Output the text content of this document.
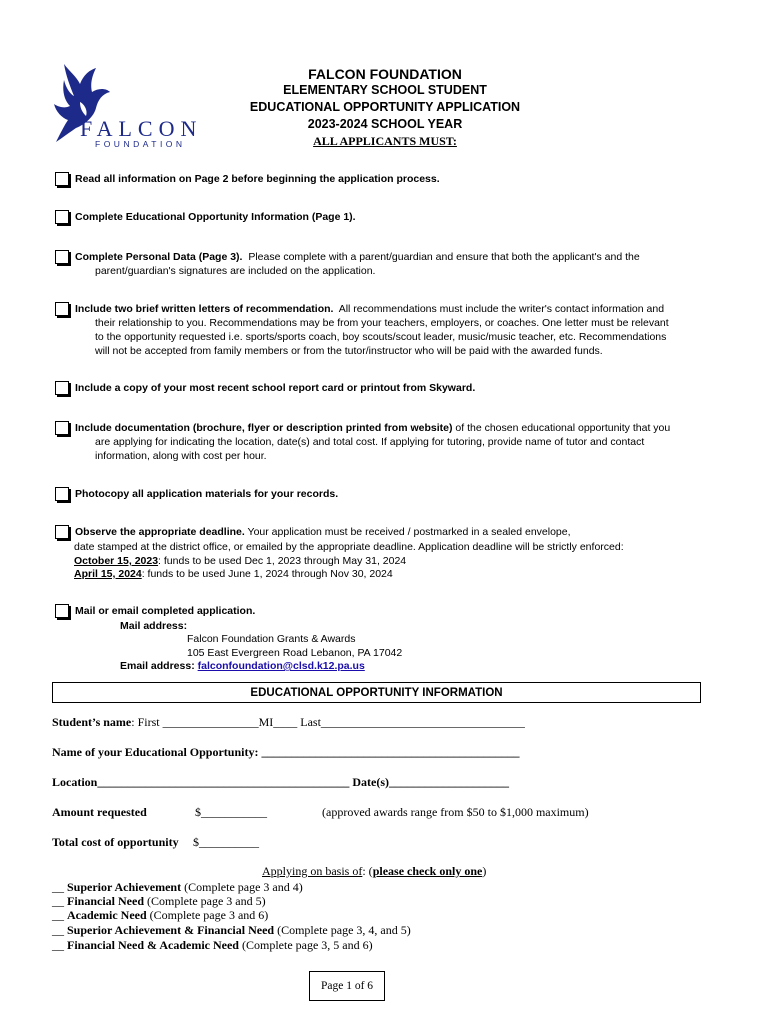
FALCON
FOUNDATION
FALCON FOUNDATION
ELEMENTARY SCHOOL STUDENT
EDUCATIONAL OPPORTUNITY APPLICATION
2023-2024 SCHOOL YEAR
ALL APPLICANTS MUST:
Read all information on Page 2 before beginning the application process.
Complete Educational Opportunity Information (Page 1).
Complete Personal Data (Page 3). Please complete with a parent/guardian and ensure that both the applicant's and the
parent/guardian's signatures are included on the application.
Include two brief written letters of recommendation. All recommendations must include the writer's contact information and
their relationship to you. Recommendations may be from your teachers, employers, or coaches. One letter must be relevant
to the opportunity requested i.e. sports/sports coach, boy scouts/scout leader, music/music teacher, etc. Recommendations
will not be accepted from family members or from the tutor/instructor who will be paid with the awarded funds.
Include a copy of your most recent school report card or printout from Skyward.
Include documentation (brochure, flyer or description printed from website) of the chosen educational opportunity that you
are applying for indicating the location, date(s) and total cost. If applying for tutoring, provide name of tutor and contact
information, along with cost per hour.
Photocopy all application materials for your records.
Observe the appropriate deadline. Your application must be received / postmarked in a sealed envelope,
date stamped at the district office, or emailed by the appropriate deadline. Application deadline will be strictly enforced:
October 15, 2023: funds to be used Dec 1, 2023 through May 31, 2024
April 15, 2024: funds to be used June 1, 2024 through Nov 30, 2024
Mail or email completed application.
Mail address:
Falcon Foundation Grants & Awards
105 East Evergreen Road Lebanon, PA 17042
Email address: falconfoundation@clsd.k12.pa.us
EDUCATIONAL OPPORTUNITY INFORMATION
Student’s name: First ________________MI____ Last__________________________________
Name of your Educational Opportunity: ___________________________________________
Location__________________________________________ Date(s)____________________
Amount requested	$___________	(approved awards range from $50 to $1,000 maximum)
Total cost of opportunity $__________
Applying on basis of: (please check only one)
__ Superior Achievement (Complete page 3 and 4)
__ Financial Need (Complete page 3 and 5)
__ Academic Need (Complete page 3 and 6)
__ Superior Achievement & Financial Need (Complete page 3, 4, and 5)
__ Financial Need & Academic Need (Complete page 3, 5 and 6)
Page 1 of 6
